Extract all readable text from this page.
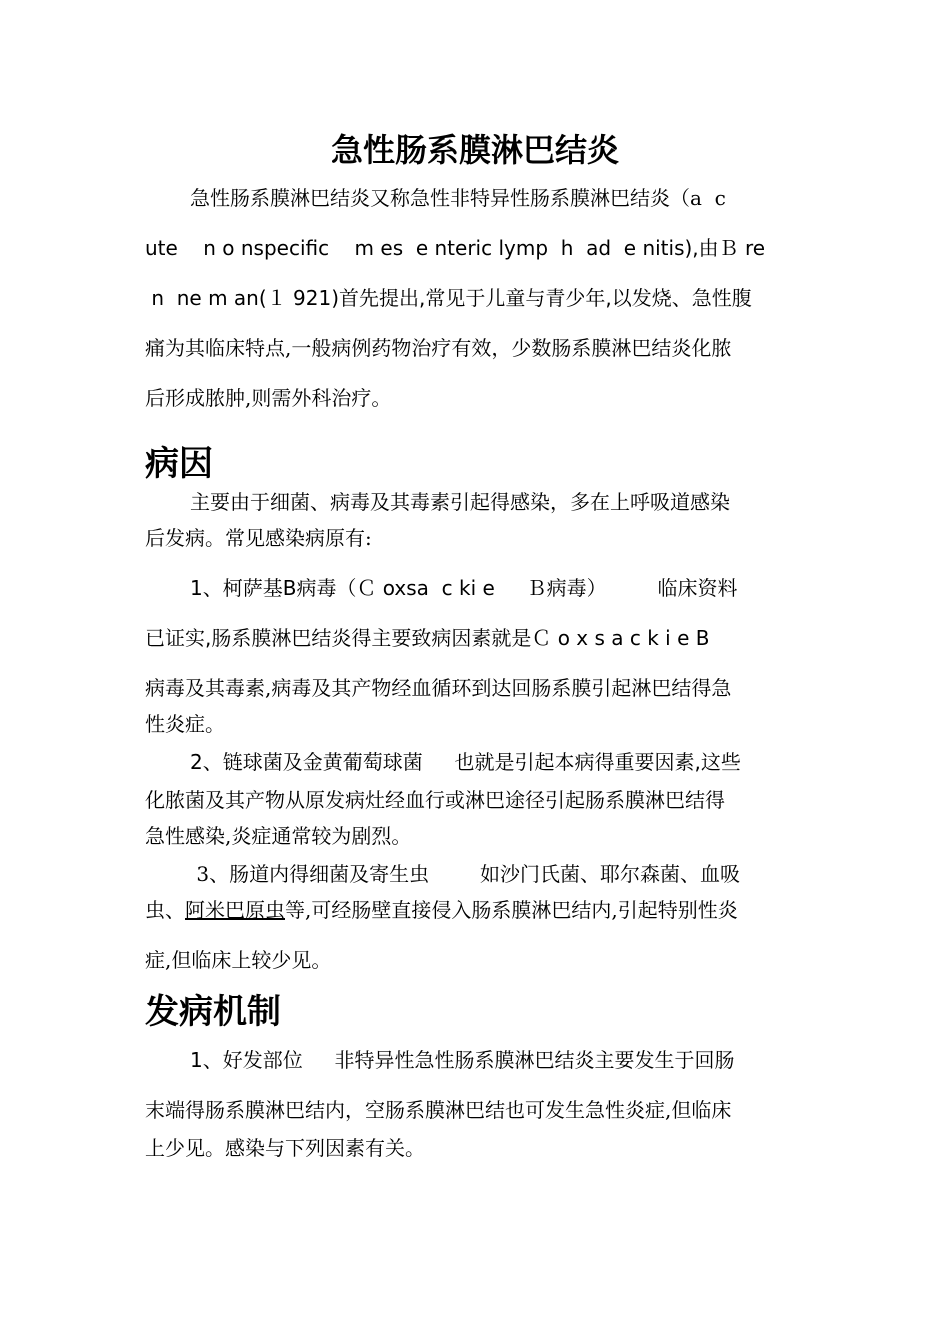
急性肠系膜淋巴结炎

急性肠系膜淋巴结炎又称急性非特异性肠系膜淋巴结炎（a  c

ute    n o nspecific    m es  e nteric lymp  h  ad  e nitis),由Ｂ re

n  ne m an(１ 921)首先提出,常见于儿童与青少年,以发烧、急性腹

痛为其临床特点,一般病例药物治疗有效，少数肠系膜淋巴结炎化脓

后形成脓肿,则需外科治疗。

病因

主要由于细菌、病毒及其毒素引起得感染，多在上呼吸道感染

后发病。常见感染病原有:

1、柯萨基B病毒（Ｃ oxsa  c ki e     Ｂ病毒）        临床资料

已证实,肠系膜淋巴结炎得主要致病因素就是Ｃ o x s a c k i e B

病毒及其毒素,病毒及其产物经血循环到达回肠系膜引起淋巴结得急

性炎症。

2、链球菌及金黄葡萄球菌     也就是引起本病得重要因素,这些

化脓菌及其产物从原发病灶经血行或淋巴途径引起肠系膜淋巴结得

急性感染,炎症通常较为剧烈。

3、肠道内得细菌及寄生虫        如沙门氏菌、耶尔森菌、血吸

虫、阿米巴原虫等,可经肠壁直接侵入肠系膜淋巴结内,引起特别性炎

症,但临床上较少见。

发病机制

1、好发部位     非特异性急性肠系膜淋巴结炎主要发生于回肠

末端得肠系膜淋巴结内，空肠系膜淋巴结也可发生急性炎症,但临床

上少见。感染与下列因素有关。
